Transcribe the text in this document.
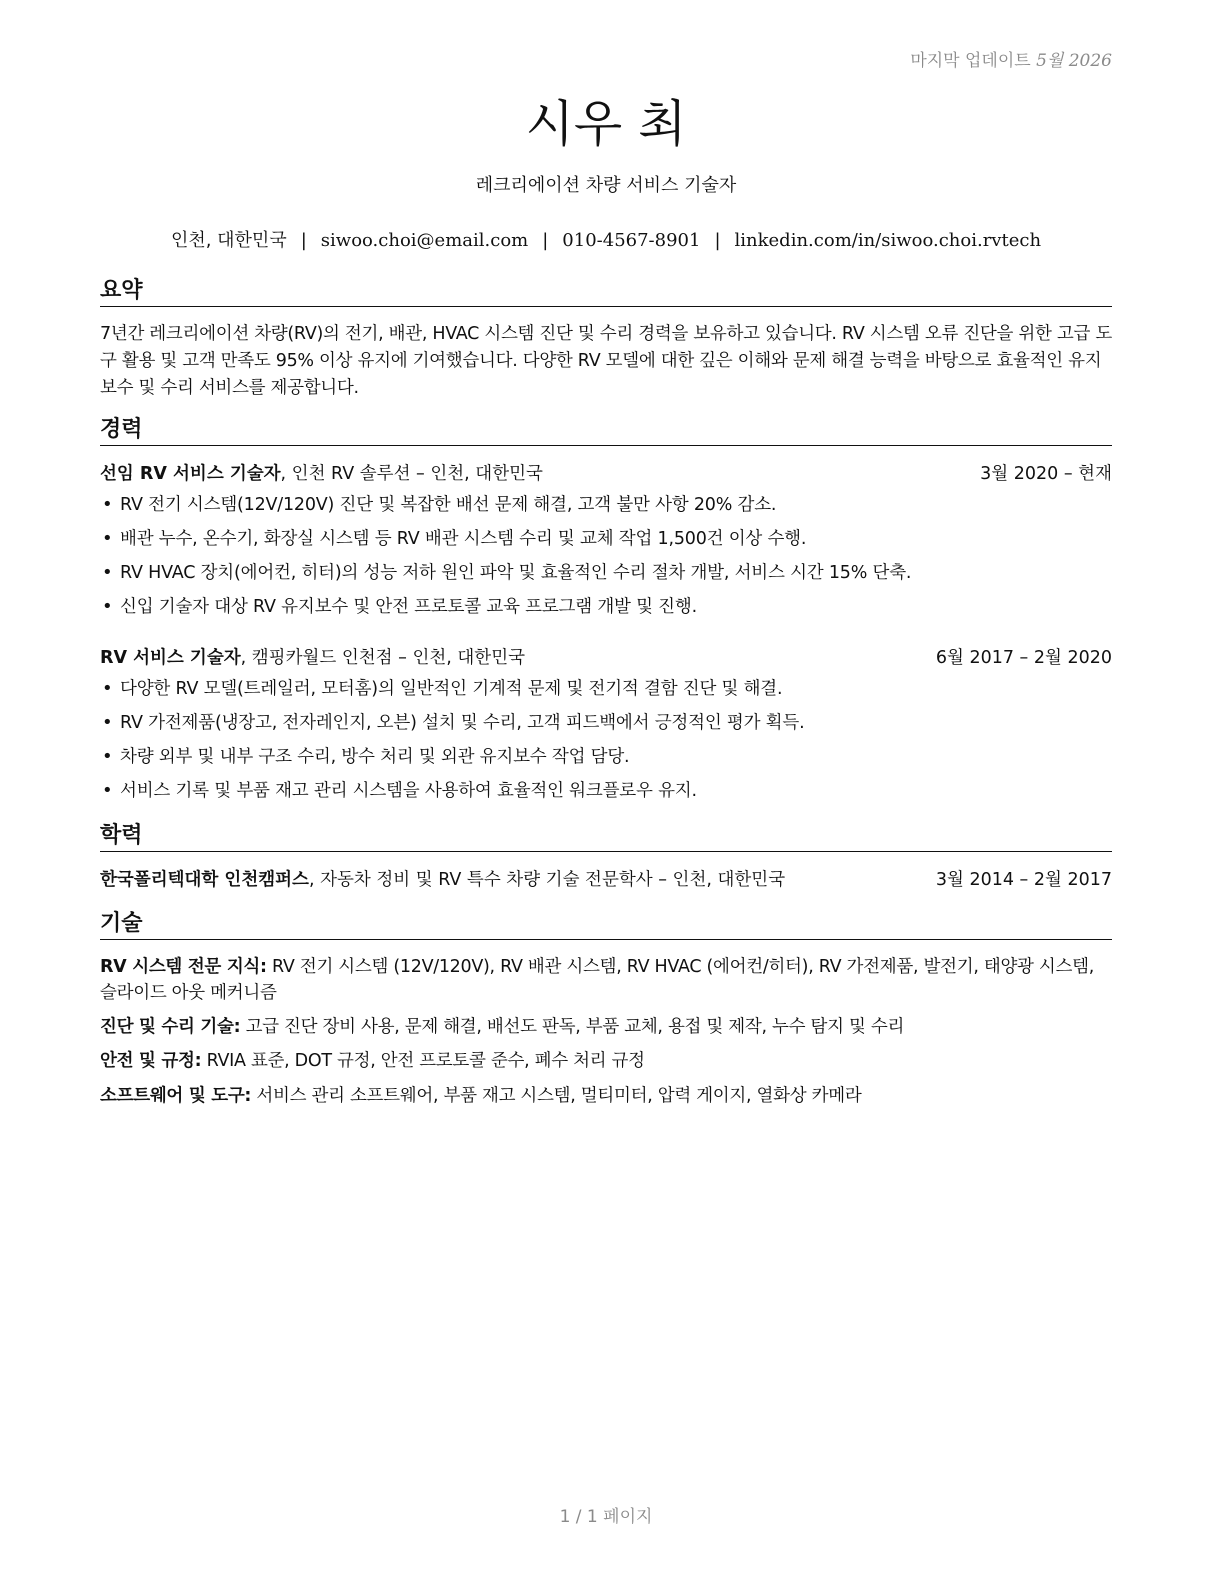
마지막 업데이트 5월 2026
시우 최
레크리에이션 차량 서비스 기술자
인천, 대한민국 | siwoo.choi@email.com | 010-4567-8901 | linkedin.com/in/siwoo.choi.rvtech
요약
7년간 레크리에이션 차량(RV)의 전기, 배관, HVAC 시스템 진단 및 수리 경력을 보유하고 있습니다. RV 시스템 오류 진단을 위한 고급 도구 활용 및 고객 만족도 95% 이상 유지에 기여했습니다. 다양한 RV 모델에 대한 깊은 이해와 문제 해결 능력을 바탕으로 효율적인 유지보수 및 수리 서비스를 제공합니다.
경력
선임 RV 서비스 기술자, 인천 RV 솔루션 – 인천, 대한민국	3월 2020 – 현재
• RV 전기 시스템(12V/120V) 진단 및 복잡한 배선 문제 해결, 고객 불만 사항 20% 감소.
• 배관 누수, 온수기, 화장실 시스템 등 RV 배관 시스템 수리 및 교체 작업 1,500건 이상 수행.
• RV HVAC 장치(에어컨, 히터)의 성능 저하 원인 파악 및 효율적인 수리 절차 개발, 서비스 시간 15% 단축.
• 신입 기술자 대상 RV 유지보수 및 안전 프로토콜 교육 프로그램 개발 및 진행.
RV 서비스 기술자, 캠핑카월드 인천점 – 인천, 대한민국	6월 2017 – 2월 2020
• 다양한 RV 모델(트레일러, 모터홈)의 일반적인 기계적 문제 및 전기적 결함 진단 및 해결.
• RV 가전제품(냉장고, 전자레인지, 오븐) 설치 및 수리, 고객 피드백에서 긍정적인 평가 획득.
• 차량 외부 및 내부 구조 수리, 방수 처리 및 외관 유지보수 작업 담당.
• 서비스 기록 및 부품 재고 관리 시스템을 사용하여 효율적인 워크플로우 유지.
학력
한국폴리텍대학 인천캠퍼스, 자동차 정비 및 RV 특수 차량 기술 전문학사 – 인천, 대한민국	3월 2014 – 2월 2017
기술
RV 시스템 전문 지식: RV 전기 시스템 (12V/120V), RV 배관 시스템, RV HVAC (에어컨/히터), RV 가전제품, 발전기, 태양광 시스템, 슬라이드 아웃 메커니즘
진단 및 수리 기술: 고급 진단 장비 사용, 문제 해결, 배선도 판독, 부품 교체, 용접 및 제작, 누수 탐지 및 수리
안전 및 규정: RVIA 표준, DOT 규정, 안전 프로토콜 준수, 폐수 처리 규정
소프트웨어 및 도구: 서비스 관리 소프트웨어, 부품 재고 시스템, 멀티미터, 압력 게이지, 열화상 카메라
1 / 1 페이지
